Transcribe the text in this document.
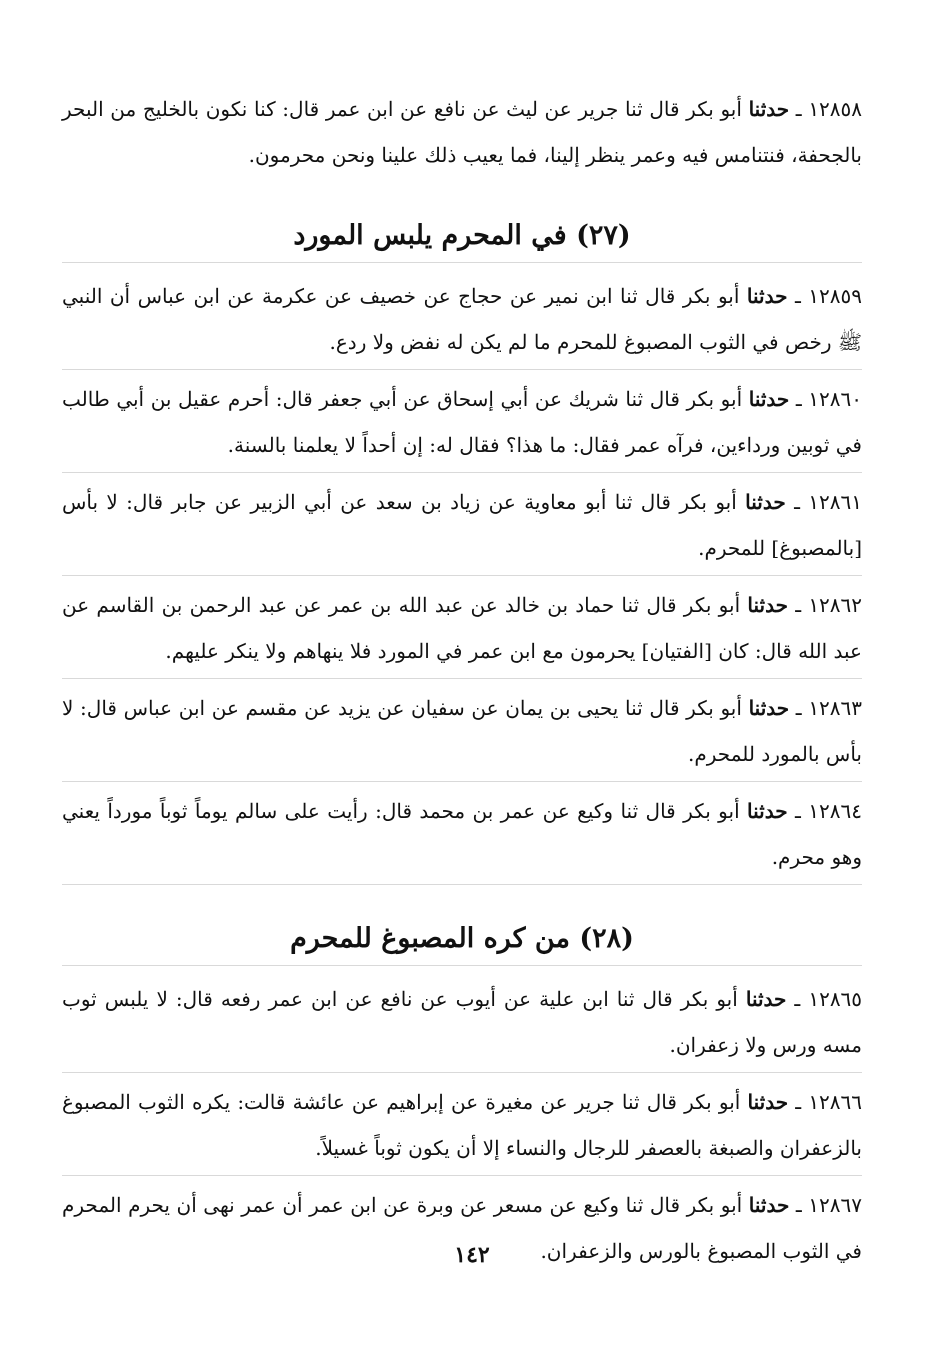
١٢٨٥٨ ـ حدثنا أبو بكر قال ثنا جرير عن ليث عن نافع عن ابن عمر قال: كنا نكون بالخليج من البحر بالجحفة، فنتنامس فيه وعمر ينظر إلينا، فما يعيب ذلك علينا ونحن محرمون.

(٢٧) في المحرم يلبس المورد

١٢٨٥٩ ـ حدثنا أبو بكر قال ثنا ابن نمير عن حجاج عن خصيف عن عكرمة عن ابن عباس أن النبي ﷺ رخص في الثوب المصبوغ للمحرم ما لم يكن له نفض ولا ردع.

١٢٨٦٠ ـ حدثنا أبو بكر قال ثنا شريك عن أبي إسحاق عن أبي جعفر قال: أحرم عقيل بن أبي طالب في ثوبين ورداءين، فرآه عمر فقال: ما هذا؟ فقال له: إن أحداً لا يعلمنا بالسنة.

١٢٨٦١ ـ حدثنا أبو بكر قال ثنا أبو معاوية عن زياد بن سعد عن أبي الزبير عن جابر قال: لا بأس [بالمصبوغ] للمحرم.

١٢٨٦٢ ـ حدثنا أبو بكر قال ثنا حماد بن خالد عن عبد الله بن عمر عن عبد الرحمن بن القاسم عن عبد الله قال: كان [الفتيان] يحرمون مع ابن عمر في المورد فلا ينهاهم ولا ينكر عليهم.

١٢٨٦٣ ـ حدثنا أبو بكر قال ثنا يحيى بن يمان عن سفيان عن يزيد عن مقسم عن ابن عباس قال: لا بأس بالمورد للمحرم.

١٢٨٦٤ ـ حدثنا أبو بكر قال ثنا وكيع عن عمر بن محمد قال: رأيت على سالم يوماً ثوباً مورداً يعني وهو محرم.

(٢٨) من كره المصبوغ للمحرم

١٢٨٦٥ ـ حدثنا أبو بكر قال ثنا ابن علية عن أيوب عن نافع عن ابن عمر رفعه قال: لا يلبس ثوب مسه ورس ولا زعفران.

١٢٨٦٦ ـ حدثنا أبو بكر قال ثنا جرير عن مغيرة عن إبراهيم عن عائشة قالت: يكره الثوب المصبوغ بالزعفران والصبغة بالعصفر للرجال والنساء إلا أن يكون ثوباً غسيلاً.

١٢٨٦٧ ـ حدثنا أبو بكر قال ثنا وكيع عن مسعر عن وبرة عن ابن عمر أن عمر نهى أن يحرم المحرم في الثوب المصبوغ بالورس والزعفران.

١٤٢
